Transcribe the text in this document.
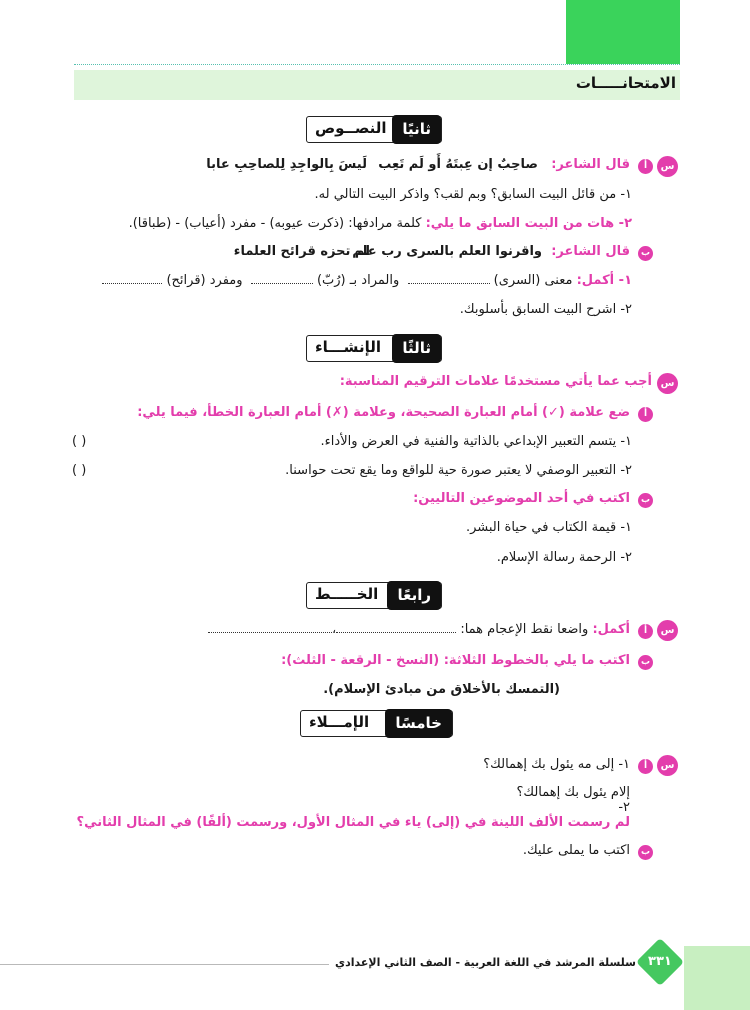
الامتحانـــــات
ثانيًا
النصــوص
س
أ
قال الشاعر:
صاحِبٌ إن عِبتَهُ أَو لَم تَعِب
لَيسَ بِالواجِدِ لِلصاحِبِ عابا
١- من قائل البيت السابق؟ وبم لقب؟ واذكر البيت التالي له.
٢- هات من البيت السابق ما يلي: كلمة مرادفها: (ذكرت عيوبه) - مفرد (أعياب) - (طباقا).
ب
قال الشاعر:
واقرنوا العلم بالسرى رب علم
لم تحزه قرائح العلماء
١- أكمل: معنى (السرى)   والمراد بـ (رُبّ)   ومفرد (قرائح)
٢- اشرح البيت السابق بأسلوبك.
ثالثًا
الإنشـــاء
س
أجب عما يأتي مستخدمًا علامات الترقيم المناسبة:
أ
ضع علامة (✓) أمام العبارة الصحيحة، وعلامة (✗) أمام العبارة الخطأ، فيما يلي:
١- يتسم التعبير الإبداعي بالذاتية والفنية في العرض والأداء.
( )
٢- التعبير الوصفي لا يعتبر صورة حية للواقع وما يقع تحت حواسنا.
( )
ب
اكتب في أحد الموضوعين التاليين:
١- قيمة الكتاب في حياة البشر.
٢- الرحمة رسالة الإسلام.
رابعًا
الخـــــط
س
أ
أكمل: واضعا نقط الإعجام هما: ،
ب
اكتب ما يلي بالخطوط الثلاثة: (النسخ - الرقعة - الثلث):
(التمسك بالأخلاق من مبادئ الإسلام).
خامسًا
الإمـــلاء
س
أ
١- إلى مه يئول بك إهمالك؟
إلام يئول بك إهمالك؟
٢-
لم رسمت الألف اللينة في (إلى) ياء في المثال الأول، ورسمت (ألفًا) في المثال الثاني؟
ب
اكتب ما يملى عليك.
سلسلة المرشد في اللغة العربية - الصف الثاني الإعدادي ٣٣١
